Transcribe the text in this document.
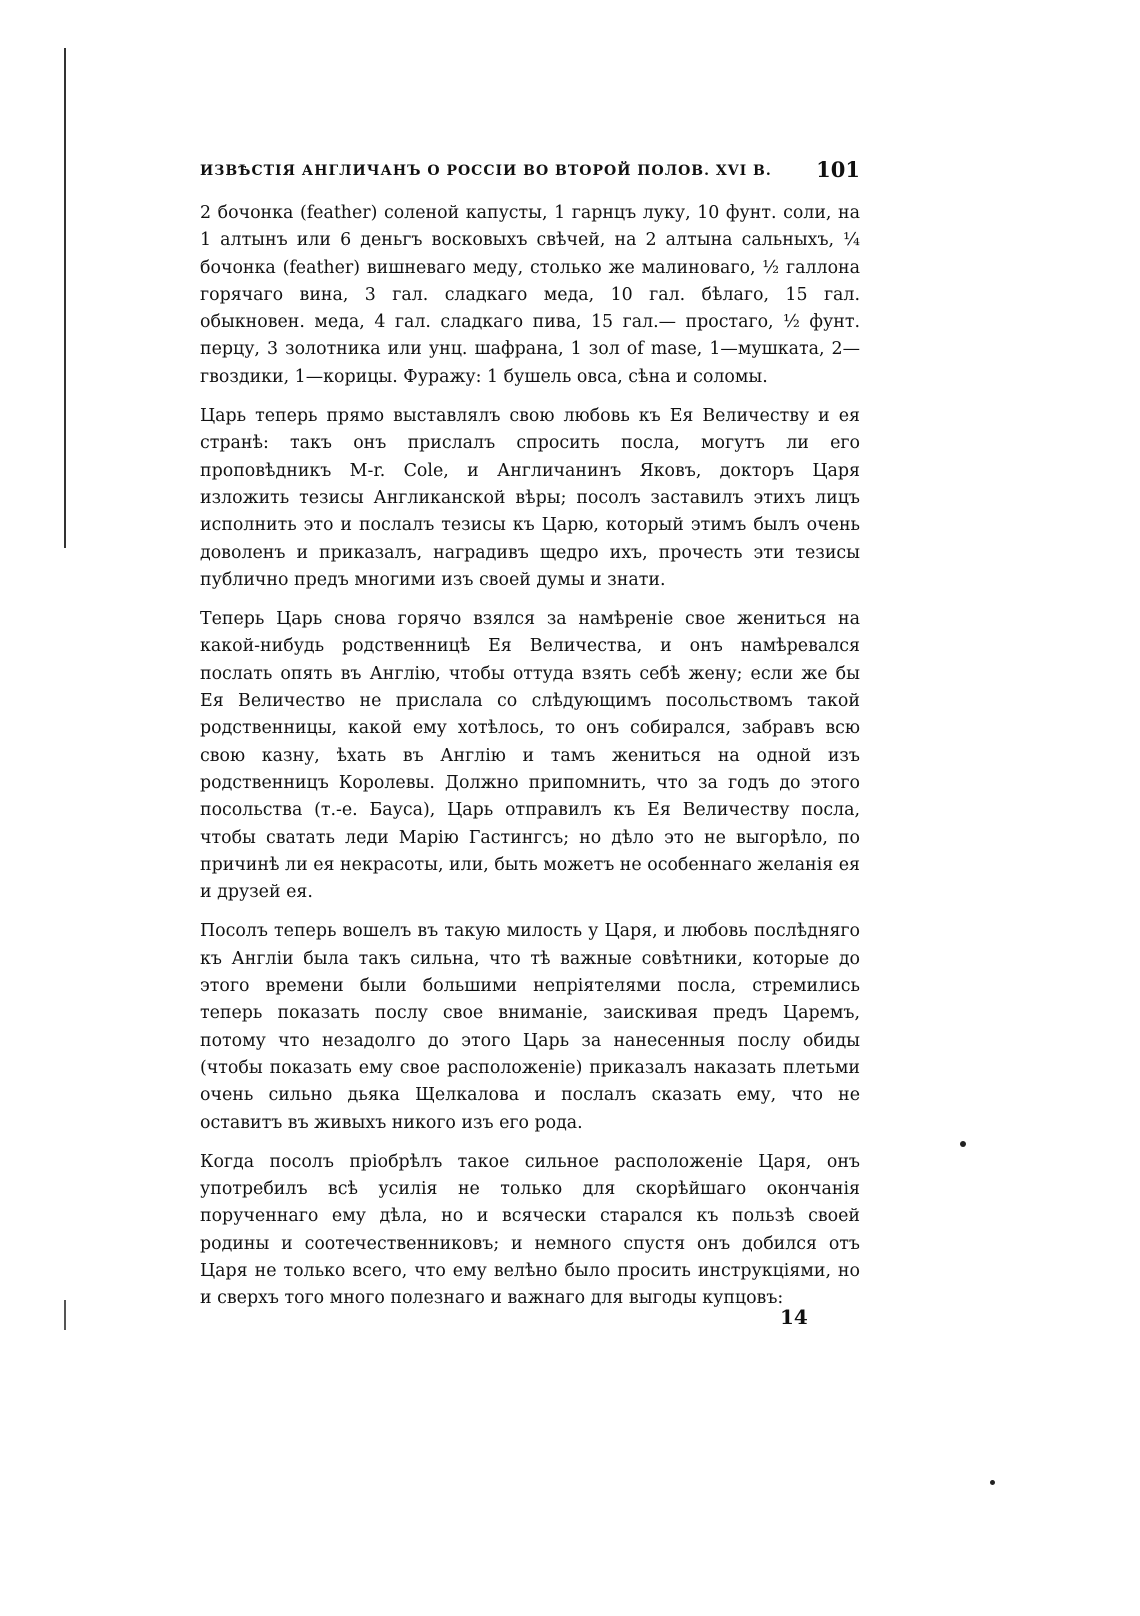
ИЗВѢСТІЯ АНГЛИЧАНЪ О РОССІИ ВО ВТОРОЙ ПОЛОВ. XVI В. 101

2 бочонка (feather) соленой капусты, 1 гарнцъ луку, 10 фунт. соли, на 1 алтынъ или 6 деньгъ восковыхъ свѣчей, на 2 алтына сальныхъ, ¼ бочонка (feather) вишневаго меду, столько же малиноваго, ½ галлона горячаго вина, 3 гал. сладкаго меда, 10 гал. бѣлаго, 15 гал. обыкновен. меда, 4 гал. сладкаго пива, 15 гал.— простаго, ½ фунт. перцу, 3 золотника или унц. шафрана, 1 зол of mase, 1—мушката, 2—гвоздики, 1—корицы. Фуражу: 1 бушель овса, сѣна и соломы.

Царь теперь прямо выставлялъ свою любовь къ Ея Величеству и ея странѣ: такъ онъ прислалъ спросить посла, могутъ ли его проповѣдникъ M-r. Cole, и Англичанинъ Яковъ, докторъ Царя изложить тезисы Англиканской вѣры; посолъ заставилъ этихъ лицъ исполнить это и послалъ тезисы къ Царю, который этимъ былъ очень доволенъ и приказалъ, наградивъ щедро ихъ, прочесть эти тезисы публично предъ многими изъ своей думы и знати.

Теперь Царь снова горячо взялся за намѣреніе свое жениться на какой-нибудь родственницѣ Ея Величества, и онъ намѣревался послать опять въ Англію, чтобы оттуда взять себѣ жену; если же бы Ея Величество не прислала со слѣдующимъ посольствомъ такой родственницы, какой ему хотѣлось, то онъ собирался, забравъ всю свою казну, ѣхать въ Англію и тамъ жениться на одной изъ родственницъ Королевы. Должно припомнить, что за годъ до этого посольства (т.-е. Бауса), Царь отправилъ къ Ея Величеству посла, чтобы сватать леди Марію Гастингсъ; но дѣло это не выгорѣло, по причинѣ ли ея некрасоты, или, быть можетъ не особеннаго желанія ея и друзей ея.

Посолъ теперь вошелъ въ такую милость у Царя, и любовь послѣдняго къ Англіи была такъ сильна, что тѣ важные совѣтники, которые до этого времени были большими непріятелями посла, стремились теперь показать послу свое вниманіе, заискивая предъ Царемъ, потому что незадолго до этого Царь за нанесенныя послу обиды (чтобы показать ему свое расположеніе) приказалъ наказать плетьми очень сильно дьяка Щелкалова и послалъ сказать ему, что не оставитъ въ живыхъ никого изъ его рода.

Когда посолъ пріобрѣлъ такое сильное расположеніе Царя, онъ употребилъ всѣ усилія не только для скорѣйшаго окончанія порученнаго ему дѣла, но и всячески старался къ пользѣ своей родины и соотечественниковъ; и немного спустя онъ добился отъ Царя не только всего, что ему велѣно было просить инструкціями, но и сверхъ того много полезнаго и важнаго для выгоды купцовъ:

14
